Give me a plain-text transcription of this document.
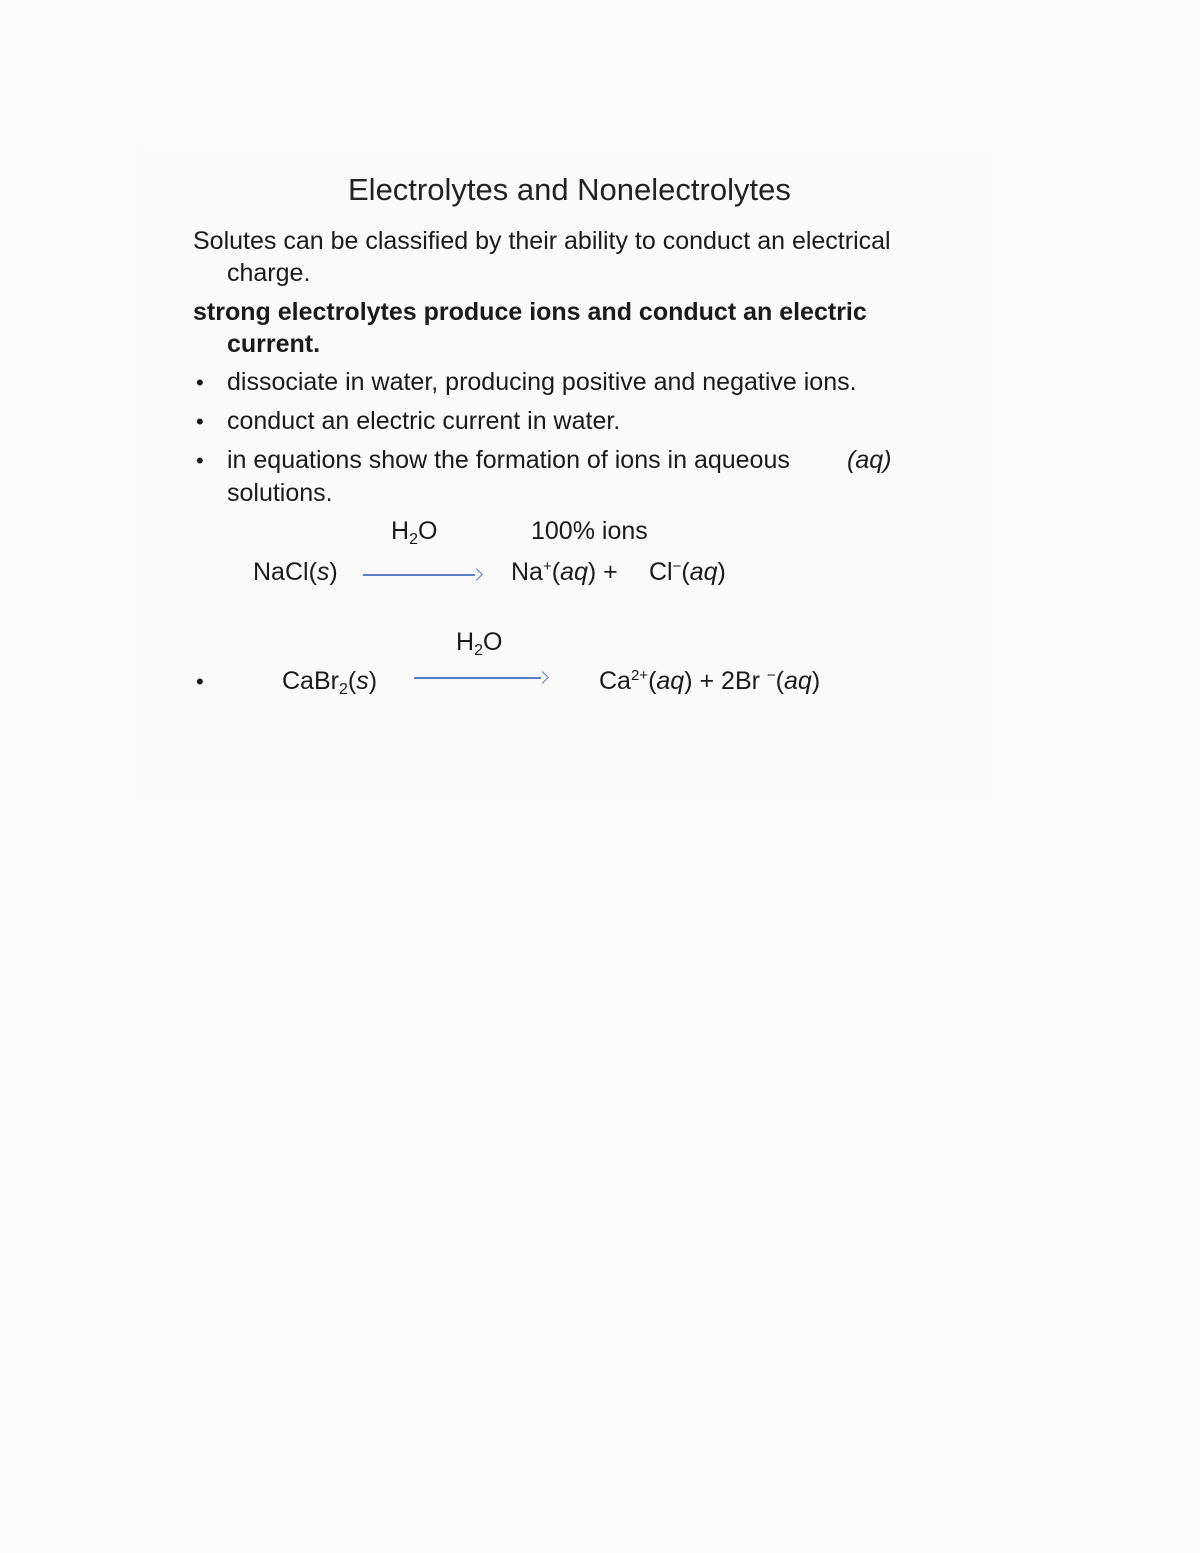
Electrolytes and Nonelectrolytes
Solutes can be classified by their ability to conduct an electrical
charge.
strong electrolytes produce ions and conduct an electric
current.
• dissociate in water, producing positive and negative ions.
• conduct an electric current in water.
• in equations show the formation of ions in aqueous (aq)
solutions.
$H_2O$	100% ions
NaCl(s)	Na+(aq) + Cl−(aq)
$H_2O$
•	CaBr$_2$(s)	$Ca^{2+}(aq) + 2Br$ −(aq)
